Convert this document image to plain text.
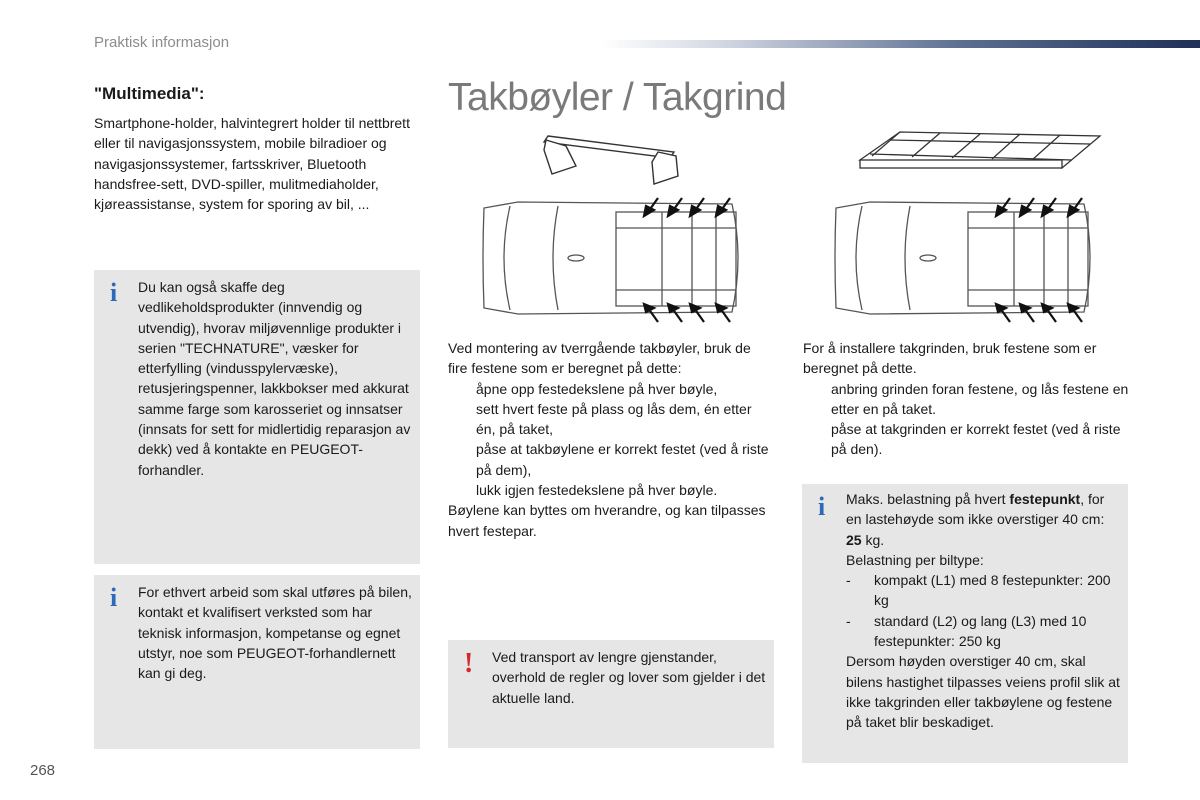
Praktisk informasjon
"Multimedia":

Smartphone-holder, halvintegrert holder til nettbrett eller til navigasjonssystem, mobile bilradioer og navigasjonssystemer, fartsskriver, Bluetooth handsfree-sett, DVD-spiller, mulitmediaholder, kjøreassistanse, system for sporing av bil, ...

i Du kan også skaffe deg vedlikeholdsprodukter (innvendig og utvendig), hvorav miljøvennlige produkter i serien "TECHNATURE", væsker for etterfylling (vindusspylervæske), retusjeringspenner, lakkbokser med akkurat samme farge som karosseriet og innsatser (innsats for sett for midlertidig reparasjon av dekk) ved å kontakte en PEUGEOT-forhandler.
i For ethvert arbeid som skal utføres på bilen, kontakt et kvalifisert verksted som har teknisk informasjon, kompetanse og egnet utstyr, noe som PEUGEOT-forhandlernett kan gi deg.
Takbøyler / Takgrind
Ved montering av tverrgående takbøyler, bruk de fire festene som er beregnet på dette:
åpne opp festedekslene på hver bøyle,
sett hvert feste på plass og lås dem, én etter én, på taket,
påse at takbøylene er korrekt festet (ved å riste på dem),
lukk igjen festedekslene på hver bøyle.
Bøylene kan byttes om hverandre, og kan tilpasses hvert festepar.
For å installere takgrinden, bruk festene som er beregnet på dette.
anbring grinden foran festene, og lås festene en etter en på taket.
påse at takgrinden er korrekt festet (ved å riste på den).
! Ved transport av lengre gjenstander, overhold de regler og lover som gjelder i det aktuelle land.
i Maks. belastning på hvert festepunkt, for en lastehøyde som ikke overstiger 40 cm: 25 kg.
Belastning per biltype:
- kompakt (L1) med 8 festepunkter: 200 kg
- standard (L2) og lang (L3) med 10 festepunkter: 250 kg
Dersom høyden overstiger 40 cm, skal bilens hastighet tilpasses veiens profil slik at ikke takgrinden eller takbøylene og festene på taket blir beskadiget.
268
